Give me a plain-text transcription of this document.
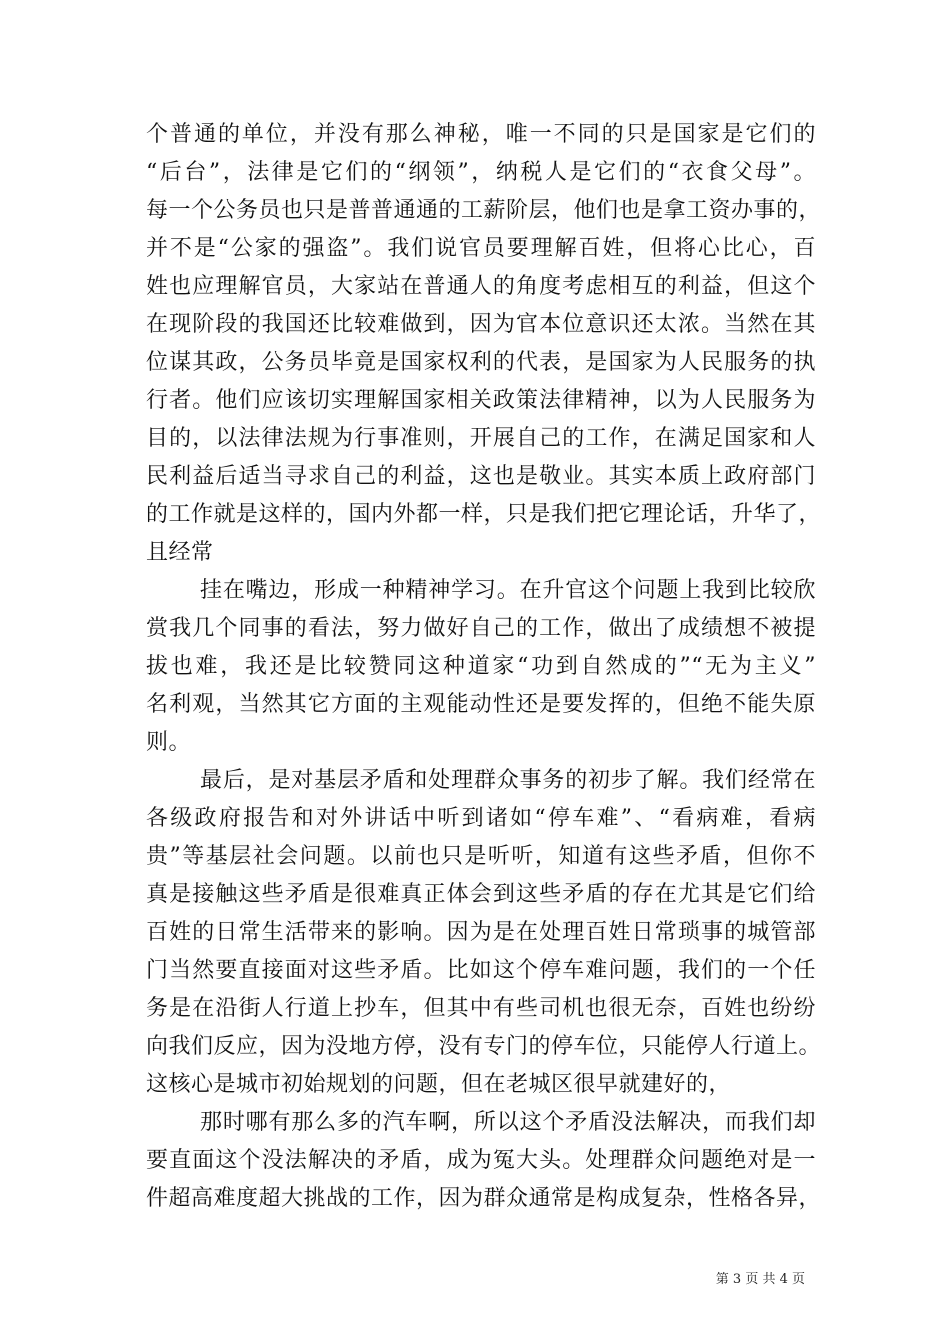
个普通的单位，并没有那么神秘，唯一不同的只是国家是它们的
“后台”，法律是它们的“纲领”，纳税人是它们的“衣食父母”。
每一个公务员也只是普普通通的工薪阶层，他们也是拿工资办事的，
并不是“公家的强盗”。我们说官员要理解百姓，但将心比心，百
姓也应理解官员，大家站在普通人的角度考虑相互的利益，但这个
在现阶段的我国还比较难做到，因为官本位意识还太浓。当然在其
位谋其政，公务员毕竟是国家权利的代表，是国家为人民服务的执
行者。他们应该切实理解国家相关政策法律精神，以为人民服务为
目的，以法律法规为行事准则，开展自己的工作，在满足国家和人
民利益后适当寻求自己的利益，这也是敬业。其实本质上政府部门
的工作就是这样的，国内外都一样，只是我们把它理论话，升华了，
且经常
挂在嘴边，形成一种精神学习。在升官这个问题上我到比较欣
赏我几个同事的看法，努力做好自己的工作，做出了成绩想不被提
拔也难，我还是比较赞同这种道家“功到自然成的”“无为主义”
名利观，当然其它方面的主观能动性还是要发挥的，但绝不能失原
则。
最后，是对基层矛盾和处理群众事务的初步了解。我们经常在
各级政府报告和对外讲话中听到诸如“停车难”、“看病难，看病
贵”等基层社会问题。以前也只是听听，知道有这些矛盾，但你不
真是接触这些矛盾是很难真正体会到这些矛盾的存在尤其是它们给
百姓的日常生活带来的影响。因为是在处理百姓日常琐事的城管部
门当然要直接面对这些矛盾。比如这个停车难问题，我们的一个任
务是在沿街人行道上抄车，但其中有些司机也很无奈，百姓也纷纷
向我们反应，因为没地方停，没有专门的停车位，只能停人行道上。
这核心是城市初始规划的问题，但在老城区很早就建好的，
那时哪有那么多的汽车啊，所以这个矛盾没法解决，而我们却
要直面这个没法解决的矛盾，成为冤大头。处理群众问题绝对是一
件超高难度超大挑战的工作，因为群众通常是构成复杂，性格各异，
第 3 页 共 4 页
